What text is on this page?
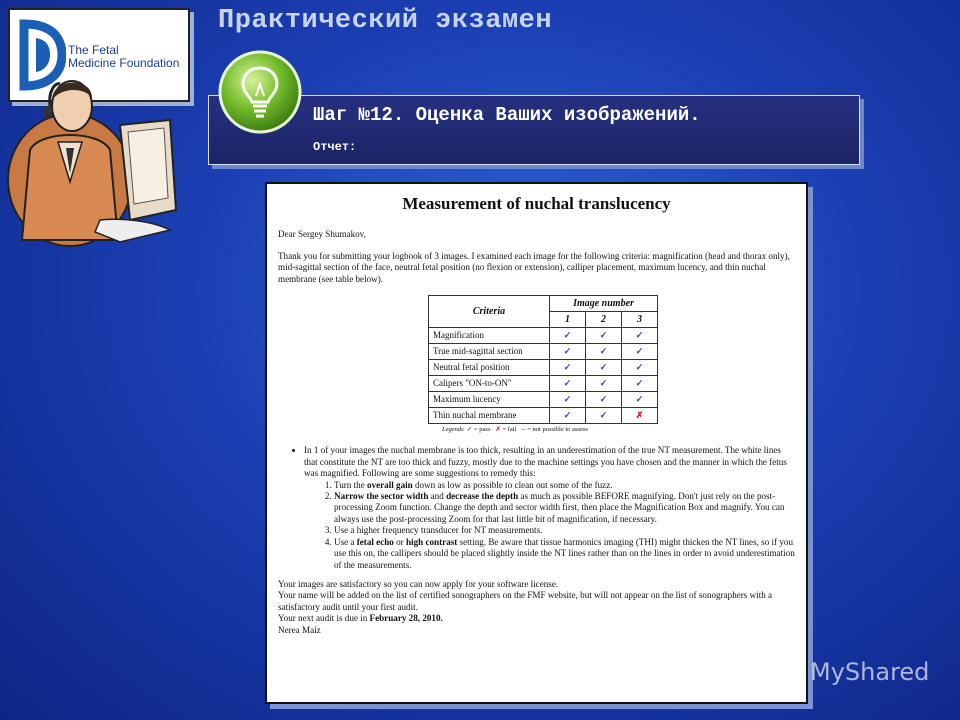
The Fetal
Medicine Foundation
Практический экзамен
Шаг №12. Оценка Ваших изображений.
Отчет:
Measurement of nuchal translucency

Dear Sergey Shumakov,

Thank you for submitting your logbook of 3 images. I examined each image for the following criteria: magnification (head and thorax only), mid-sagittal section of the face, neutral fetal position (no flexion or extension), calliper placement, maximum lucency, and thin nuchal membrane (see table below).

Criteria	Image number		
	1	2	3
Magnification	✓	✓	✓
True mid-sagittal section	✓	✓	✓
Neutral fetal position	✓	✓	✓
Calipers "ON-to-ON"	✓	✓	✓
Maximum lucency	✓	✓	✓
Thin nuchal membrane	✓	✓	✗
Legends ✓ = pass ✗ = fail -- = not possible to assess
• In 1 of your images the nuchal membrane is too thick, resulting in an underestimation of the true NT measurement. The white lines that constitute the NT are too thick and fuzzy, mostly due to the machine settings you have chosen and the manner in which the fetus was magnified. Following are some suggestions to remedy this:
1. Turn the overall gain down as low as possible to clean out some of the fuzz.
2. Narrow the sector width and decrease the depth as much as possible BEFORE magnifying. Don't just rely on the post-processing Zoom function. Change the depth and sector width first, then place the Magnification Box and magnify. You can always use the post-processing Zoom for that last little bit of magnification, if necessary.
3. Use a higher frequency transducer for NT measurements.
4. Use a fetal echo or high contrast setting. Be aware that tissue harmonics imaging (THI) might thicken the NT lines, so if you use this on, the callipers should be placed slightly inside the NT lines rather than on the lines in order to avoid underestimation of the measurements.

Your images are satisfactory so you can now apply for your software license.

Your name will be added on the list of certified sonographers on the FMF website, but will not appear on the list of sonographers with a satisfactory audit until your first audit.

Your next audit is due in February 28, 2010.

Nerea Maiz

MyShared
